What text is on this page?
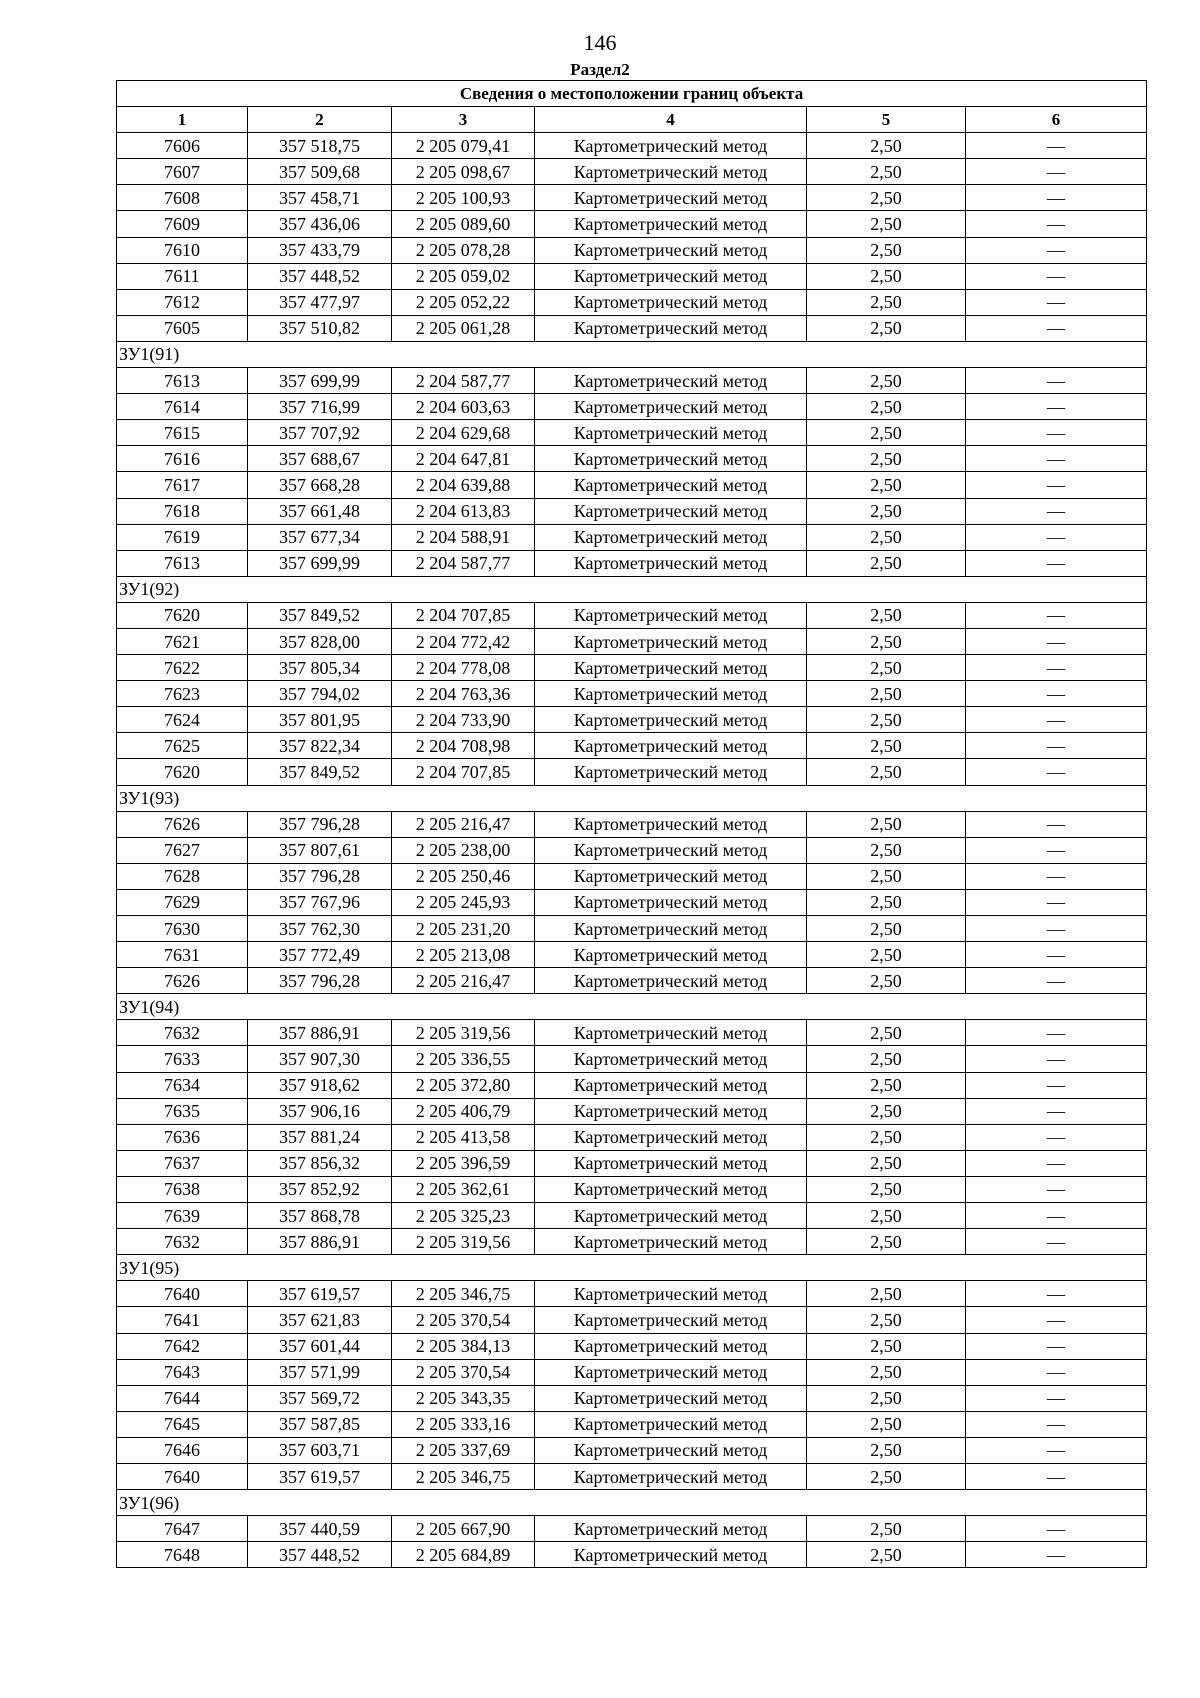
146
Раздел2
Сведения о местоположении границ объекта					
1	2	3	4	5	6
7606	357 518,75	2 205 079,41	Картометрический метод	2,50	—
7607	357 509,68	2 205 098,67	Картометрический метод	2,50	—
7608	357 458,71	2 205 100,93	Картометрический метод	2,50	—
7609	357 436,06	2 205 089,60	Картометрический метод	2,50	—
7610	357 433,79	2 205 078,28	Картометрический метод	2,50	—
7611	357 448,52	2 205 059,02	Картометрический метод	2,50	—
7612	357 477,97	2 205 052,22	Картометрический метод	2,50	—
7605	357 510,82	2 205 061,28	Картометрический метод	2,50	—
ЗУ1(91)					
7613	357 699,99	2 204 587,77	Картометрический метод	2,50	—
7614	357 716,99	2 204 603,63	Картометрический метод	2,50	—
7615	357 707,92	2 204 629,68	Картометрический метод	2,50	—
7616	357 688,67	2 204 647,81	Картометрический метод	2,50	—
7617	357 668,28	2 204 639,88	Картометрический метод	2,50	—
7618	357 661,48	2 204 613,83	Картометрический метод	2,50	—
7619	357 677,34	2 204 588,91	Картометрический метод	2,50	—
7613	357 699,99	2 204 587,77	Картометрический метод	2,50	—
ЗУ1(92)					
7620	357 849,52	2 204 707,85	Картометрический метод	2,50	—
7621	357 828,00	2 204 772,42	Картометрический метод	2,50	—
7622	357 805,34	2 204 778,08	Картометрический метод	2,50	—
7623	357 794,02	2 204 763,36	Картометрический метод	2,50	—
7624	357 801,95	2 204 733,90	Картометрический метод	2,50	—
7625	357 822,34	2 204 708,98	Картометрический метод	2,50	—
7620	357 849,52	2 204 707,85	Картометрический метод	2,50	—
ЗУ1(93)					
7626	357 796,28	2 205 216,47	Картометрический метод	2,50	—
7627	357 807,61	2 205 238,00	Картометрический метод	2,50	—
7628	357 796,28	2 205 250,46	Картометрический метод	2,50	—
7629	357 767,96	2 205 245,93	Картометрический метод	2,50	—
7630	357 762,30	2 205 231,20	Картометрический метод	2,50	—
7631	357 772,49	2 205 213,08	Картометрический метод	2,50	—
7626	357 796,28	2 205 216,47	Картометрический метод	2,50	—
ЗУ1(94)					
7632	357 886,91	2 205 319,56	Картометрический метод	2,50	—
7633	357 907,30	2 205 336,55	Картометрический метод	2,50	—
7634	357 918,62	2 205 372,80	Картометрический метод	2,50	—
7635	357 906,16	2 205 406,79	Картометрический метод	2,50	—
7636	357 881,24	2 205 413,58	Картометрический метод	2,50	—
7637	357 856,32	2 205 396,59	Картометрический метод	2,50	—
7638	357 852,92	2 205 362,61	Картометрический метод	2,50	—
7639	357 868,78	2 205 325,23	Картометрический метод	2,50	—
7632	357 886,91	2 205 319,56	Картометрический метод	2,50	—
ЗУ1(95)					
7640	357 619,57	2 205 346,75	Картометрический метод	2,50	—
7641	357 621,83	2 205 370,54	Картометрический метод	2,50	—
7642	357 601,44	2 205 384,13	Картометрический метод	2,50	—
7643	357 571,99	2 205 370,54	Картометрический метод	2,50	—
7644	357 569,72	2 205 343,35	Картометрический метод	2,50	—
7645	357 587,85	2 205 333,16	Картометрический метод	2,50	—
7646	357 603,71	2 205 337,69	Картометрический метод	2,50	—
7640	357 619,57	2 205 346,75	Картометрический метод	2,50	—
ЗУ1(96)					
7647	357 440,59	2 205 667,90	Картометрический метод	2,50	—
7648	357 448,52	2 205 684,89	Картометрический метод	2,50	—
